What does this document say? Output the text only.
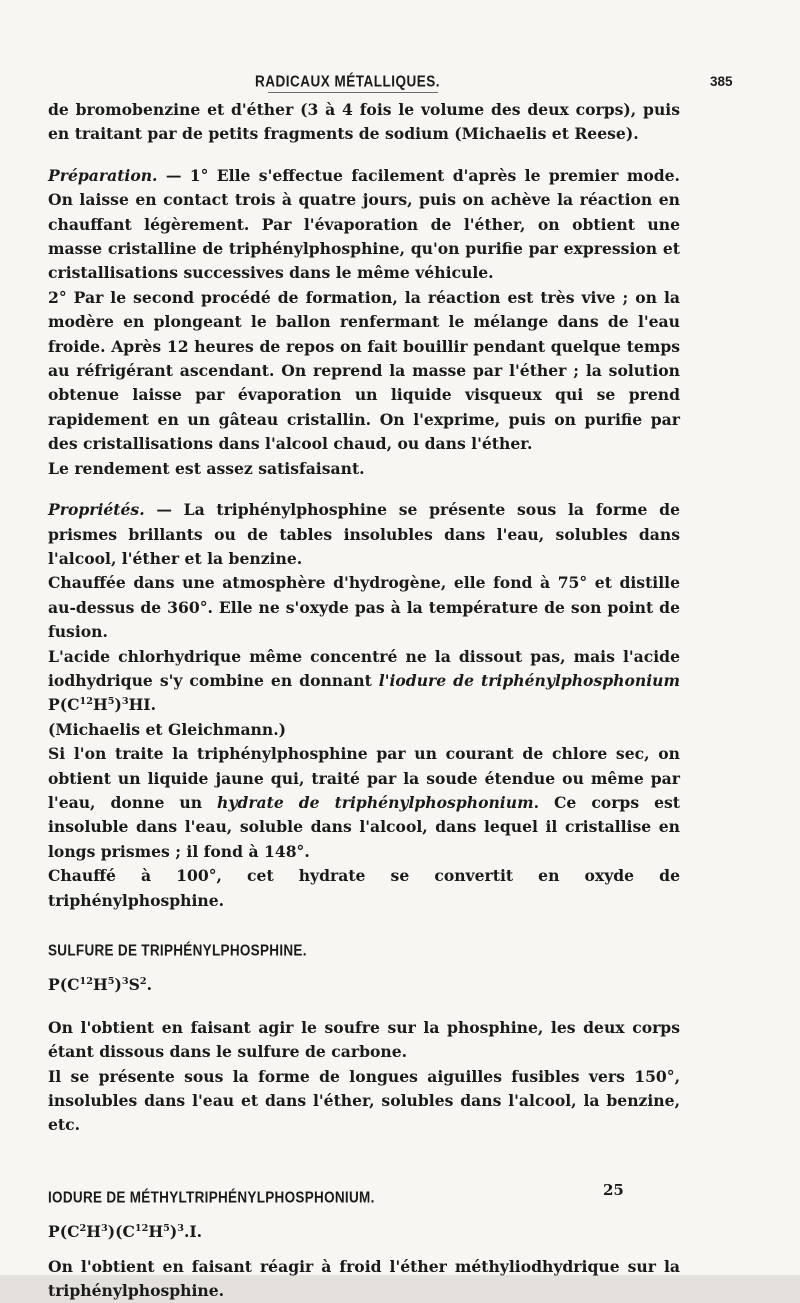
RADICAUX MÉTALLIQUES.	385

de bromobenzine et d'éther (3 à 4 fois le volume des deux corps), puis en traitant par de petits fragments de sodium (Michaelis et Reese).

Préparation. — 1° Elle s'effectue facilement d'après le premier mode. On laisse en contact trois à quatre jours, puis on achève la réaction en chauffant légèrement. Par l'évaporation de l'éther, on obtient une masse cristalline de triphénylphosphine, qu'on purifie par expression et cristallisations successives dans le même véhicule.

2° Par le second procédé de formation, la réaction est très vive ; on la modère en plongeant le ballon renfermant le mélange dans de l'eau froide. Après 12 heures de repos on fait bouillir pendant quelque temps au réfrigérant ascendant. On reprend la masse par l'éther ; la solution obtenue laisse par évaporation un liquide visqueux qui se prend rapidement en un gâteau cristallin. On l'exprime, puis on purifie par des cristallisations dans l'alcool chaud, ou dans l'éther.

Le rendement est assez satisfaisant.

Propriétés. — La triphénylphosphine se présente sous la forme de prismes brillants ou de tables insolubles dans l'eau, solubles dans l'alcool, l'éther et la benzine.

Chauffée dans une atmosphère d'hydrogène, elle fond à 75° et distille au-dessus de 360°. Elle ne s'oxyde pas à la température de son point de fusion.

L'acide chlorhydrique même concentré ne la dissout pas, mais l'acide iodhydrique s'y combine en donnant l'iodure de triphénylphosphonium $P(C^{12}H^5)^3HI$.

(Michaelis et Gleichmann.)

Si l'on traite la triphénylphosphine par un courant de chlore sec, on obtient un liquide jaune qui, traité par la soude étendue ou même par l'eau, donne un hydrate de triphénylphosphonium. Ce corps est insoluble dans l'eau, soluble dans l'alcool, dans lequel il cristallise en longs prismes ; il fond à 148°.

Chauffé à 100°, cet hydrate se convertit en oxyde de triphénylphosphine.

SULFURE DE TRIPHÉNYLPHOSPHINE.

$P(C^{12}H^5)^3S^2$.

On l'obtient en faisant agir le soufre sur la phosphine, les deux corps étant dissous dans le sulfure de carbone.

Il se présente sous la forme de longues aiguilles fusibles vers 150°, insolubles dans l'eau et dans l'éther, solubles dans l'alcool, la benzine, etc.

IODURE DE MÉTHYLTRIPHÉNYLPHOSPHONIUM.

$P(C^2H^3)(C^{12}H^5)^3.I$.

On l'obtient en faisant réagir à froid l'éther méthyliodhydrique sur la triphénylphosphine.

25
